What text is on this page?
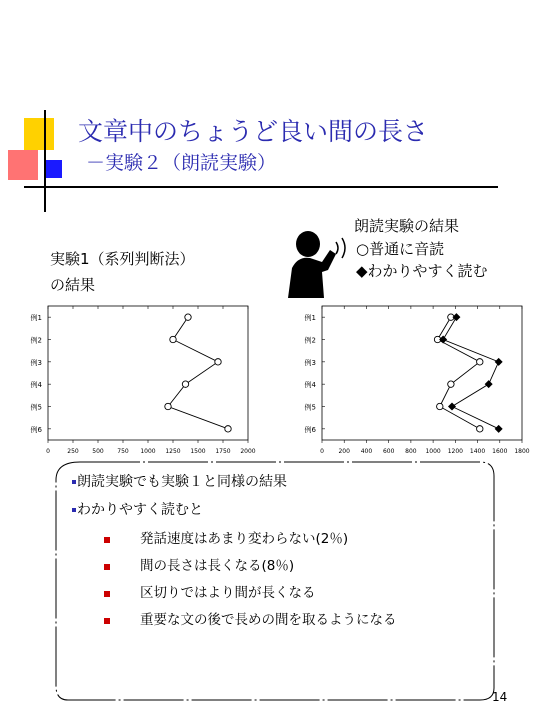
文章中のちょうど良い間の長さ
－実験２（朗読実験）
実験1（系列判断法）
の結果
朗読実験の結果
○普通に音読
◆わかりやすく読む
0	250 500 750 1000 1250 1500 1750 2000
例1
例2
例3
例4
例5
例6
0 200 400 600 800 1000 1200 1400 1600 1800
例1
例2
例3
例4
例5
例6
朗読実験でも実験１と同様の結果
わかりやすく読むと
発話速度はあまり変わらない(2％)
間の長さは長くなる(8％)
区切りではより間が長くなる
重要な文の後で長めの間を取るようになる
14
